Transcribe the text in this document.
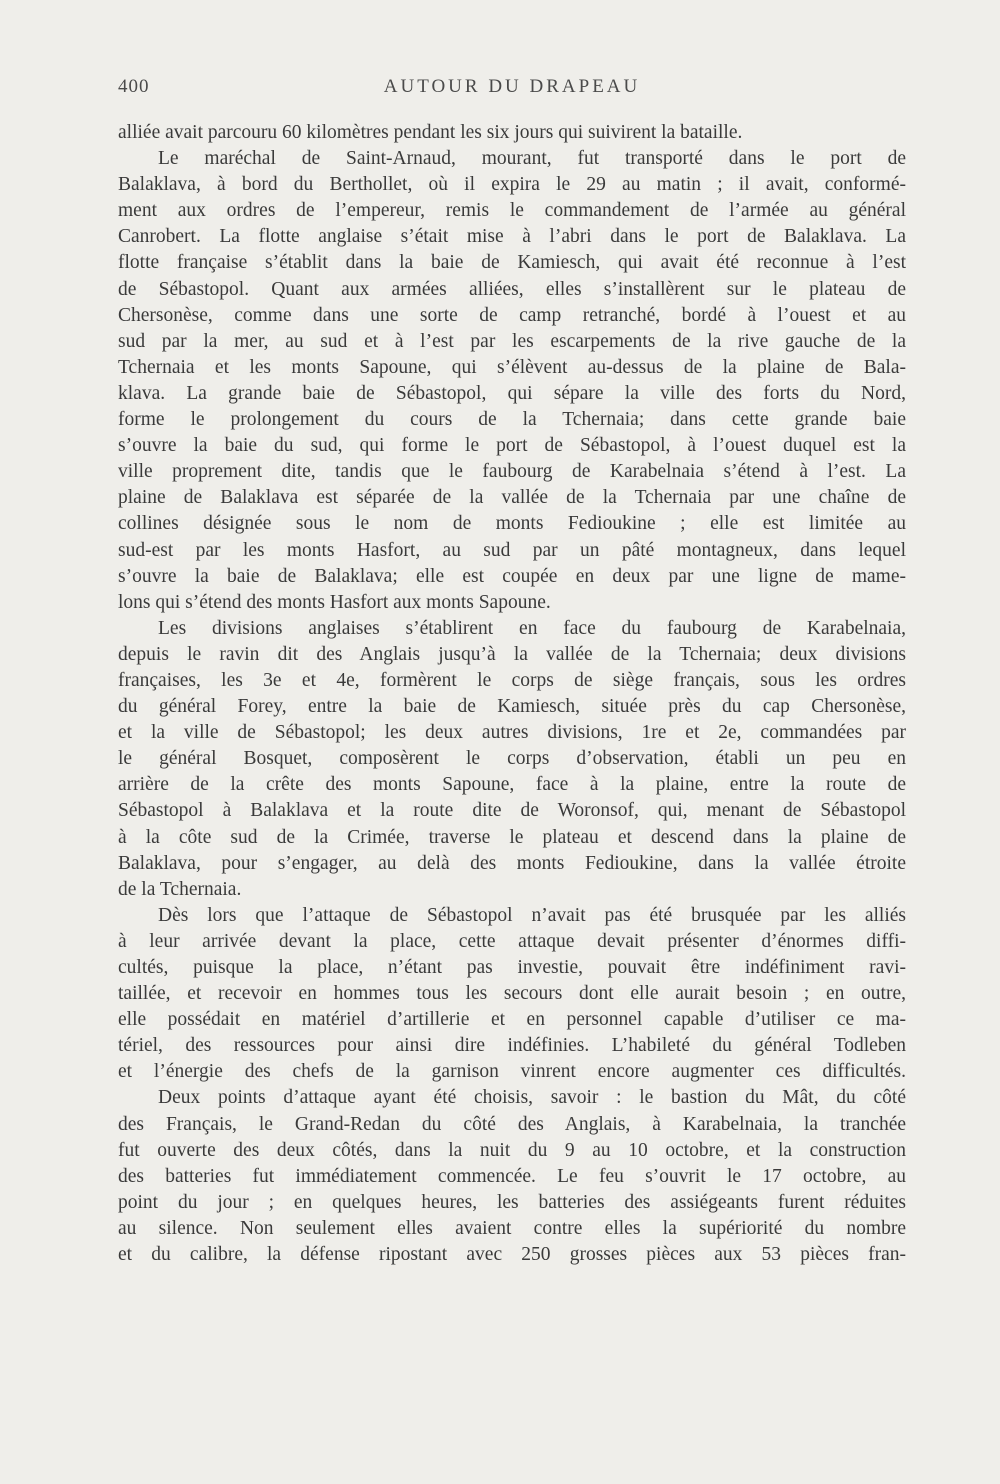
400	AUTOUR DU DRAPEAU
alliée avait parcouru 60 kilomètres pendant les six jours qui suivirent la bataille.
Le maréchal de Saint-Arnaud, mourant, fut transporté dans le port de
Balaklava, à bord du Berthollet, où il expira le 29 au matin ; il avait, conformé-
ment aux ordres de l’empereur, remis le commandement de l’armée au général
Canrobert. La flotte anglaise s’était mise à l’abri dans le port de Balaklava. La
flotte française s’établit dans la baie de Kamiesch, qui avait été reconnue à l’est
de Sébastopol. Quant aux armées alliées, elles s’installèrent sur le plateau de
Chersonèse, comme dans une sorte de camp retranché, bordé à l’ouest et au
sud par la mer, au sud et à l’est par les escarpements de la rive gauche de la
Tchernaia et les monts Sapoune, qui s’élèvent au-dessus de la plaine de Bala-
klava. La grande baie de Sébastopol, qui sépare la ville des forts du Nord,
forme le prolongement du cours de la Tchernaia; dans cette grande baie
s’ouvre la baie du sud, qui forme le port de Sébastopol, à l’ouest duquel est la
ville proprement dite, tandis que le faubourg de Karabelnaia s’étend à l’est. La
plaine de Balaklava est séparée de la vallée de la Tchernaia par une chaîne de
collines désignée sous le nom de monts Fedioukine ; elle est limitée au
sud-est par les monts Hasfort, au sud par un pâté montagneux, dans lequel
s’ouvre la baie de Balaklava; elle est coupée en deux par une ligne de mame-
lons qui s’étend des monts Hasfort aux monts Sapoune.
Les divisions anglaises s’établirent en face du faubourg de Karabelnaia,
depuis le ravin dit des Anglais jusqu’à la vallée de la Tchernaia; deux divisions
françaises, les 3e et 4e, formèrent le corps de siège français, sous les ordres
du général Forey, entre la baie de Kamiesch, située près du cap Chersonèse,
et la ville de Sébastopol; les deux autres divisions, 1re et 2e, commandées par
le général Bosquet, composèrent le corps d’observation, établi un peu en
arrière de la crête des monts Sapoune, face à la plaine, entre la route de
Sébastopol à Balaklava et la route dite de Woronsof, qui, menant de Sébastopol
à la côte sud de la Crimée, traverse le plateau et descend dans la plaine de
Balaklava, pour s’engager, au delà des monts Fedioukine, dans la vallée étroite
de la Tchernaia.
Dès lors que l’attaque de Sébastopol n’avait pas été brusquée par les alliés
à leur arrivée devant la place, cette attaque devait présenter d’énormes diffi-
cultés, puisque la place, n’étant pas investie, pouvait être indéfiniment ravi-
taillée, et recevoir en hommes tous les secours dont elle aurait besoin ; en outre,
elle possédait en matériel d’artillerie et en personnel capable d’utiliser ce ma-
tériel, des ressources pour ainsi dire indéfinies. L’habileté du général Todleben
et l’énergie des chefs de la garnison vinrent encore augmenter ces difficultés.
Deux points d’attaque ayant été choisis, savoir : le bastion du Mât, du côté
des Français, le Grand-Redan du côté des Anglais, à Karabelnaia, la tranchée
fut ouverte des deux côtés, dans la nuit du 9 au 10 octobre, et la construction
des batteries fut immédiatement commencée. Le feu s’ouvrit le 17 octobre, au
point du jour ; en quelques heures, les batteries des assiégeants furent réduites
au silence. Non seulement elles avaient contre elles la supériorité du nombre
et du calibre, la défense ripostant avec 250 grosses pièces aux 53 pièces fran-
